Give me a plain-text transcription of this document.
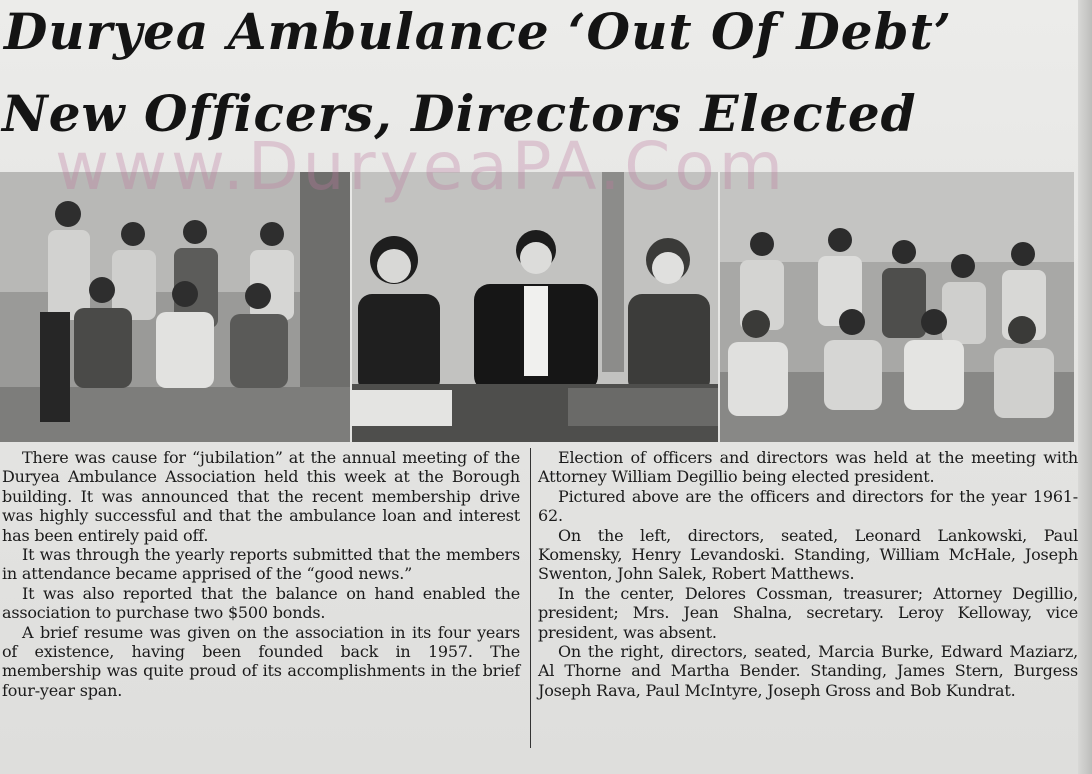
Duryea Ambulance ‘Out Of Debt’
New Officers, Directors Elected
www.DuryeaPA.Com

There was cause for “jubilation” at the annual meeting of the Duryea Ambulance Association held this week at the Borough building. It was announced that the recent membership drive was highly successful and that the ambulance loan and interest has been entirely paid off.

It was through the yearly reports submitted that the members in attendance became apprised of the “good news.”

It was also reported that the balance on hand enabled the association to purchase two $500 bonds.

A brief resume was given on the association in its four years of existence, having been founded back in 1957. The membership was quite proud of its accomplishments in the brief four-year span.

Election of officers and directors was held at the meeting with Attorney William Degillio being elected president.

Pictured above are the officers and directors for the year 1961-62.

On the left, directors, seated, Leonard Lankowski, Paul Komensky, Henry Levandoski. Standing, William McHale, Joseph Swenton, John Salek, Robert Matthews.

In the center, Delores Cossman, treasurer; Attorney Degillio, president; Mrs. Jean Shalna, secretary. Leroy Kelloway, vice president, was absent.

On the right, directors, seated, Marcia Burke, Edward Maziarz, Al Thorne and Martha Bender. Standing, James Stern, Burgess Joseph Rava, Paul McIntyre, Joseph Gross and Bob Kundrat.
